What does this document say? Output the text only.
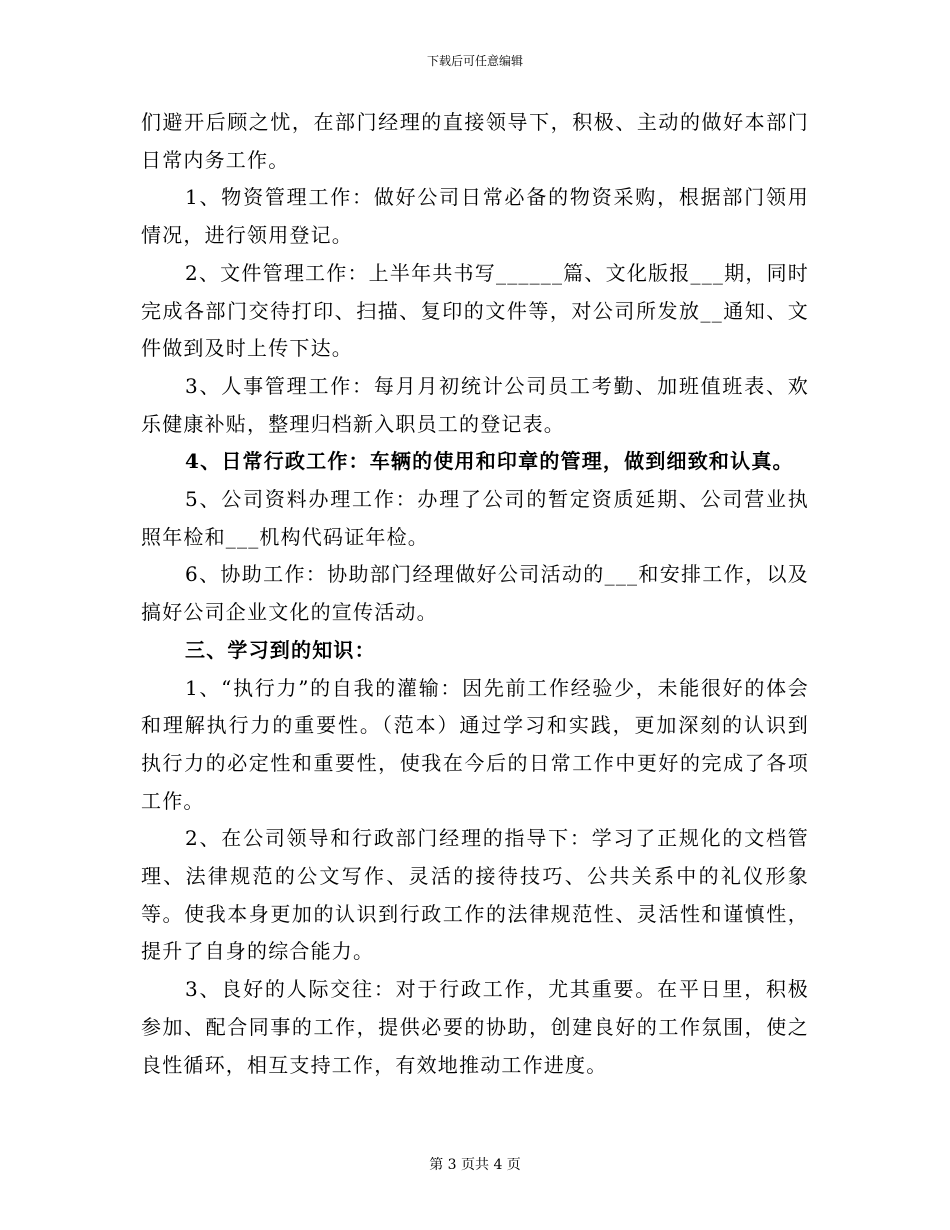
下载后可任意编辑

们避开后顾之忧，在部门经理的直接领导下，积极、主动的做好本部门日常内务工作。

1、物资管理工作：做好公司日常必备的物资采购，根据部门领用情况，进行领用登记。

2、文件管理工作：上半年共书写______篇、文化版报___期，同时完成各部门交待打印、扫描、复印的文件等，对公司所发放__通知、文件做到及时上传下达。

3、人事管理工作：每月月初统计公司员工考勤、加班值班表、欢乐健康补贴，整理归档新入职员工的登记表。

4、日常行政工作：车辆的使用和印章的管理，做到细致和认真。

5、公司资料办理工作：办理了公司的暂定资质延期、公司营业执照年检和___机构代码证年检。

6、协助工作：协助部门经理做好公司活动的___和安排工作，以及搞好公司企业文化的宣传活动。

三、学习到的知识：

1、“执行力”的自我的灌输：因先前工作经验少，未能很好的体会和理解执行力的重要性。（范本）通过学习和实践，更加深刻的认识到执行力的必定性和重要性，使我在今后的日常工作中更好的完成了各项工作。

2、在公司领导和行政部门经理的指导下：学习了正规化的文档管理、法律规范的公文写作、灵活的接待技巧、公共关系中的礼仪形象等。使我本身更加的认识到行政工作的法律规范性、灵活性和谨慎性，提升了自身的综合能力。

3、良好的人际交往：对于行政工作，尤其重要。在平日里，积极参加、配合同事的工作，提供必要的协助，创建良好的工作氛围，使之良性循环，相互支持工作，有效地推动工作进度。

第 3 页共 4 页
